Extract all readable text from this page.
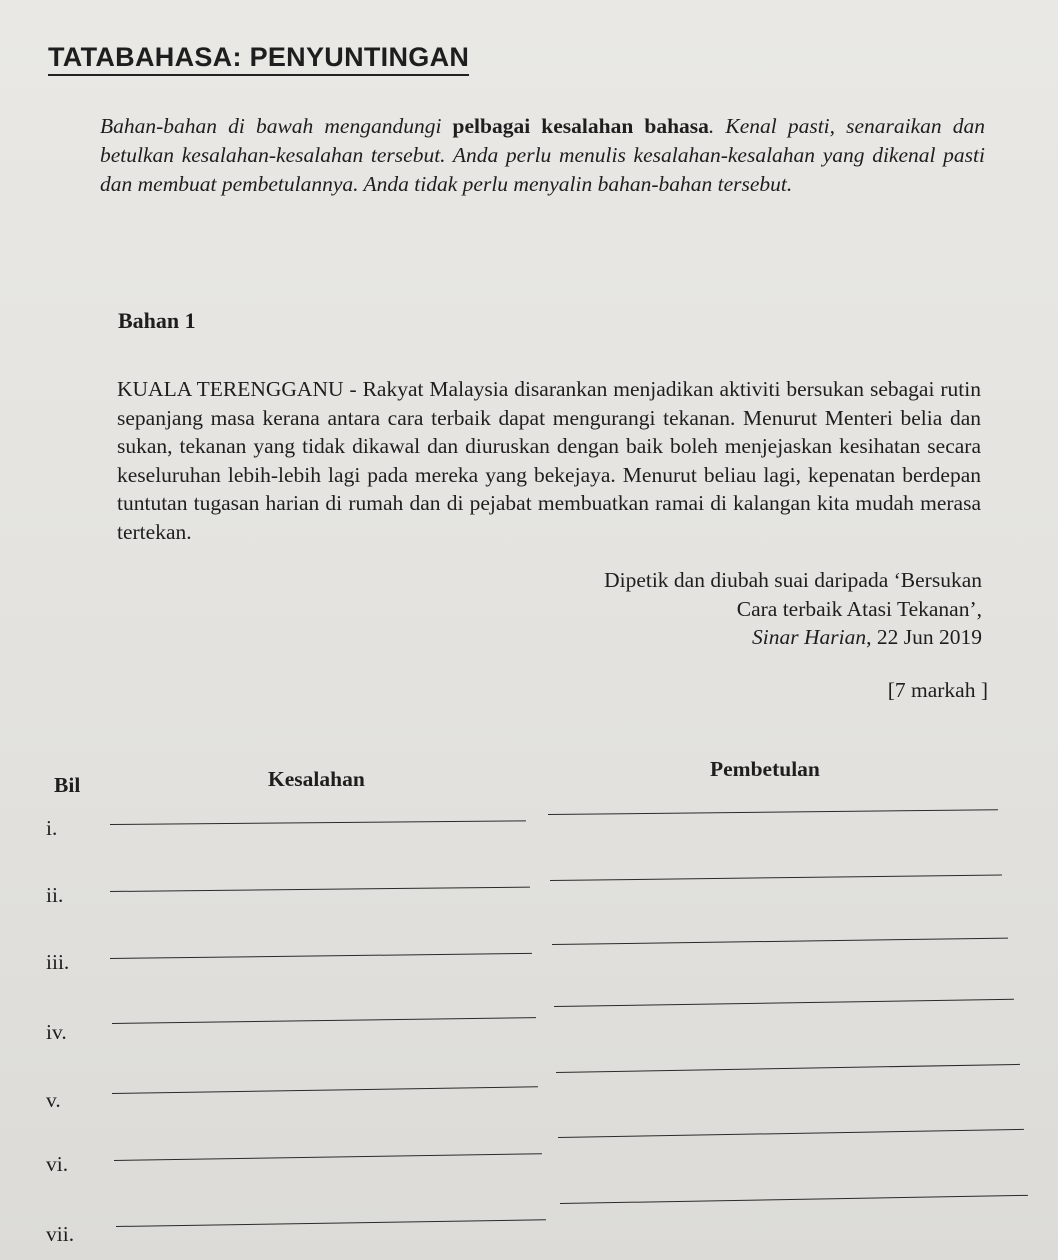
TATABAHASA: PENYUNTINGAN
Bahan-bahan di bawah mengandungi pelbagai kesalahan bahasa. Kenal pasti, senaraikan dan betulkan kesalahan-kesalahan tersebut. Anda perlu menulis kesalahan-kesalahan yang dikenal pasti dan membuat pembetulannya. Anda tidak perlu menyalin bahan-bahan tersebut.
Bahan 1
KUALA TERENGGANU - Rakyat Malaysia disarankan menjadikan aktiviti bersukan sebagai rutin sepanjang masa kerana antara cara terbaik dapat mengurangi tekanan. Menurut Menteri belia dan sukan, tekanan yang tidak dikawal dan diuruskan dengan baik boleh menjejaskan kesihatan secara keseluruhan lebih-lebih lagi pada mereka yang bekejaya. Menurut beliau lagi, kepenatan berdepan tuntutan tugasan harian di rumah dan di pejabat membuatkan ramai di kalangan kita mudah merasa tertekan.
Dipetik dan diubah suai daripada ‘Bersukan
Cara terbaik Atasi Tekanan’,
Sinar Harian, 22 Jun 2019
[7 markah ]
Bil	Kesalahan	Pembetulan
i.
ii.
iii.
iv.
v.
vi.
vii.
